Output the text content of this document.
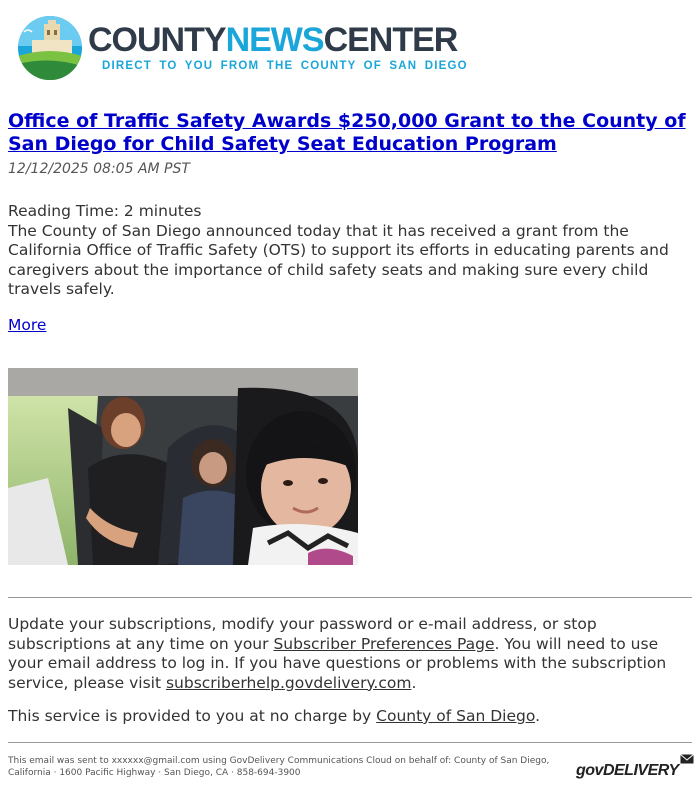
COUNTYNEWSCENTER
DIRECT TO YOU FROM THE COUNTY OF SAN DIEGO
Office of Traffic Safety Awards $250,000 Grant to the County of San Diego for Child Safety Seat Education Program
12/12/2025 08:05 AM PST
Reading Time: 2 minutes
The County of San Diego announced today that it has received a grant from the California Office of Traffic Safety (OTS) to support its efforts in educating parents and caregivers about the importance of child safety seats and making sure every child travels safely.
More
Update your subscriptions, modify your password or e-mail address, or stop subscriptions at any time on your Subscriber Preferences Page. You will need to use your email address to log in. If you have questions or problems with the subscription service, please visit subscriberhelp.govdelivery.com.
This service is provided to you at no charge by County of San Diego.
This email was sent to xxxxxx@gmail.com using GovDelivery Communications Cloud on behalf of: County of San Diego, California · 1600 Pacific Highway · San Diego, CA · 858-694-3900	govDELIVERY
